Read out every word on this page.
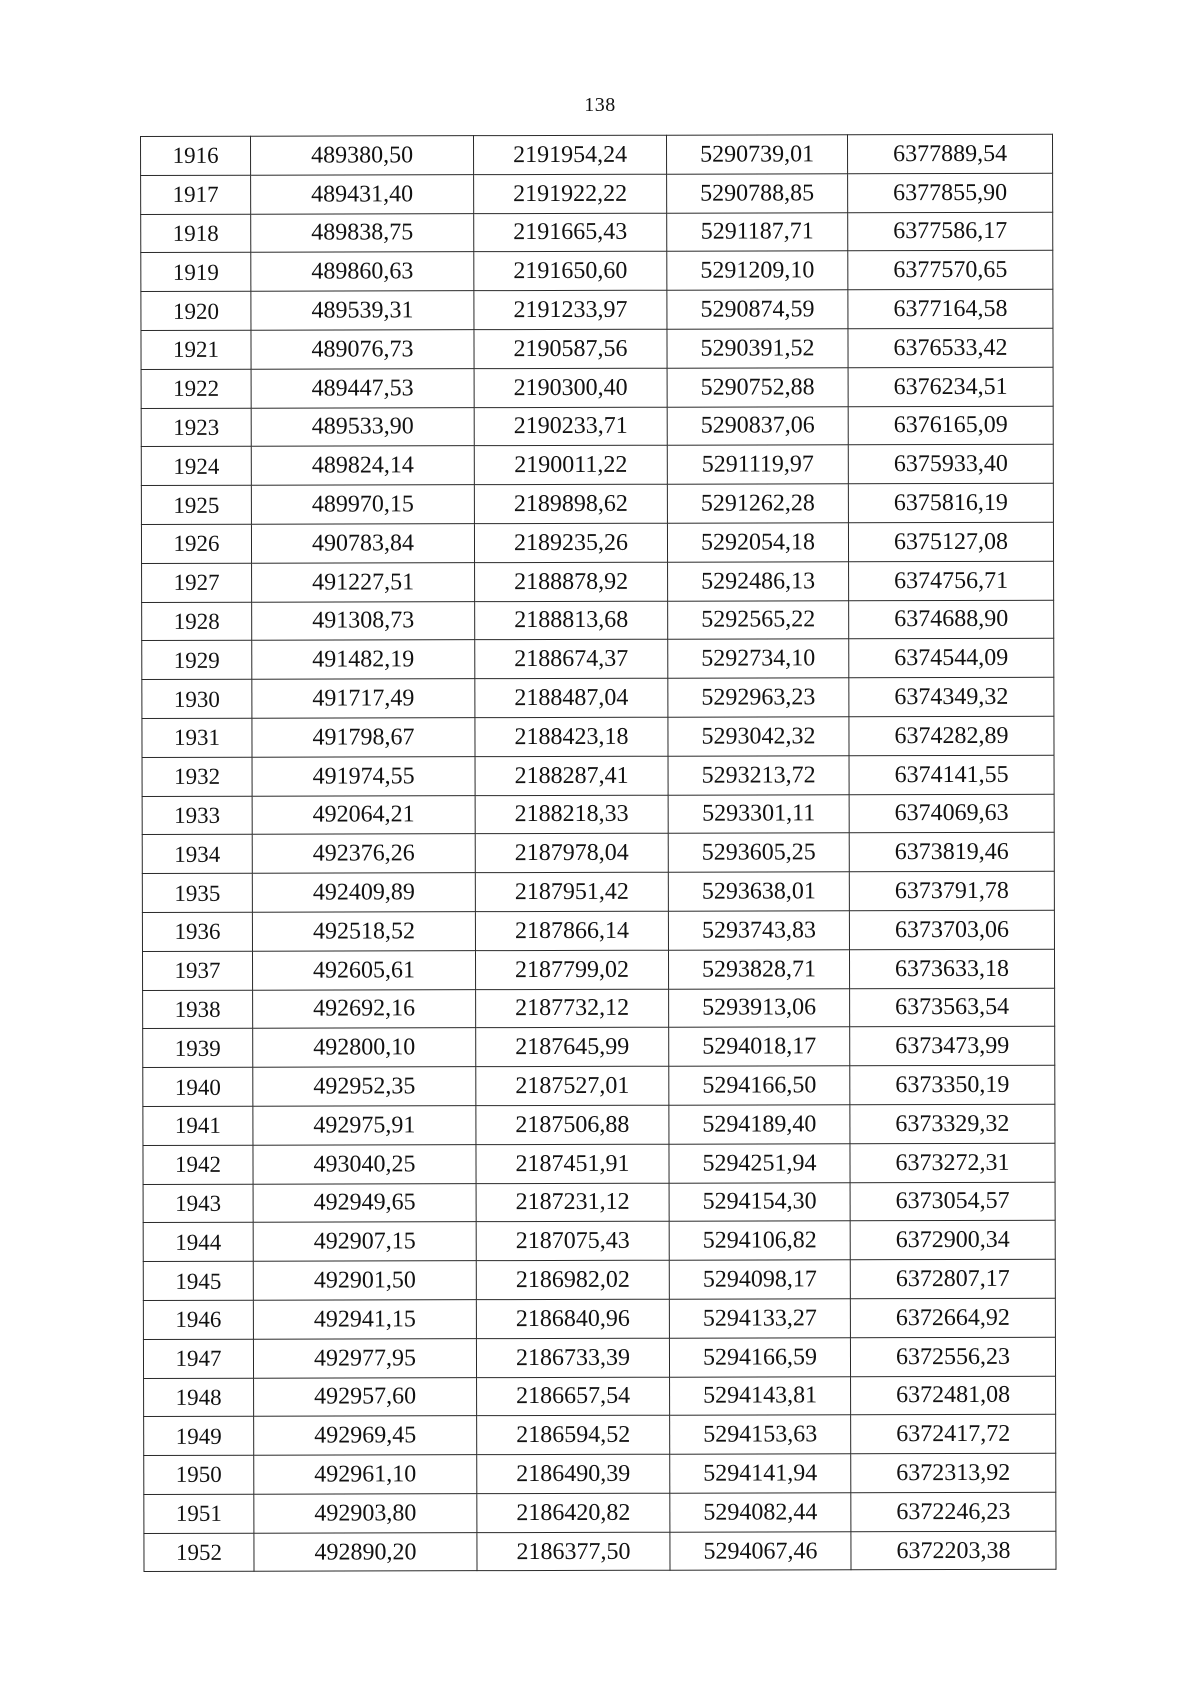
138
1916	489380,50	2191954,24	5290739,01	6377889,54
1917	489431,40	2191922,22	5290788,85	6377855,90
1918	489838,75	2191665,43	5291187,71	6377586,17
1919	489860,63	2191650,60	5291209,10	6377570,65
1920	489539,31	2191233,97	5290874,59	6377164,58
1921	489076,73	2190587,56	5290391,52	6376533,42
1922	489447,53	2190300,40	5290752,88	6376234,51
1923	489533,90	2190233,71	5290837,06	6376165,09
1924	489824,14	2190011,22	5291119,97	6375933,40
1925	489970,15	2189898,62	5291262,28	6375816,19
1926	490783,84	2189235,26	5292054,18	6375127,08
1927	491227,51	2188878,92	5292486,13	6374756,71
1928	491308,73	2188813,68	5292565,22	6374688,90
1929	491482,19	2188674,37	5292734,10	6374544,09
1930	491717,49	2188487,04	5292963,23	6374349,32
1931	491798,67	2188423,18	5293042,32	6374282,89
1932	491974,55	2188287,41	5293213,72	6374141,55
1933	492064,21	2188218,33	5293301,11	6374069,63
1934	492376,26	2187978,04	5293605,25	6373819,46
1935	492409,89	2187951,42	5293638,01	6373791,78
1936	492518,52	2187866,14	5293743,83	6373703,06
1937	492605,61	2187799,02	5293828,71	6373633,18
1938	492692,16	2187732,12	5293913,06	6373563,54
1939	492800,10	2187645,99	5294018,17	6373473,99
1940	492952,35	2187527,01	5294166,50	6373350,19
1941	492975,91	2187506,88	5294189,40	6373329,32
1942	493040,25	2187451,91	5294251,94	6373272,31
1943	492949,65	2187231,12	5294154,30	6373054,57
1944	492907,15	2187075,43	5294106,82	6372900,34
1945	492901,50	2186982,02	5294098,17	6372807,17
1946	492941,15	2186840,96	5294133,27	6372664,92
1947	492977,95	2186733,39	5294166,59	6372556,23
1948	492957,60	2186657,54	5294143,81	6372481,08
1949	492969,45	2186594,52	5294153,63	6372417,72
1950	492961,10	2186490,39	5294141,94	6372313,92
1951	492903,80	2186420,82	5294082,44	6372246,23
1952	492890,20	2186377,50	5294067,46	6372203,38
